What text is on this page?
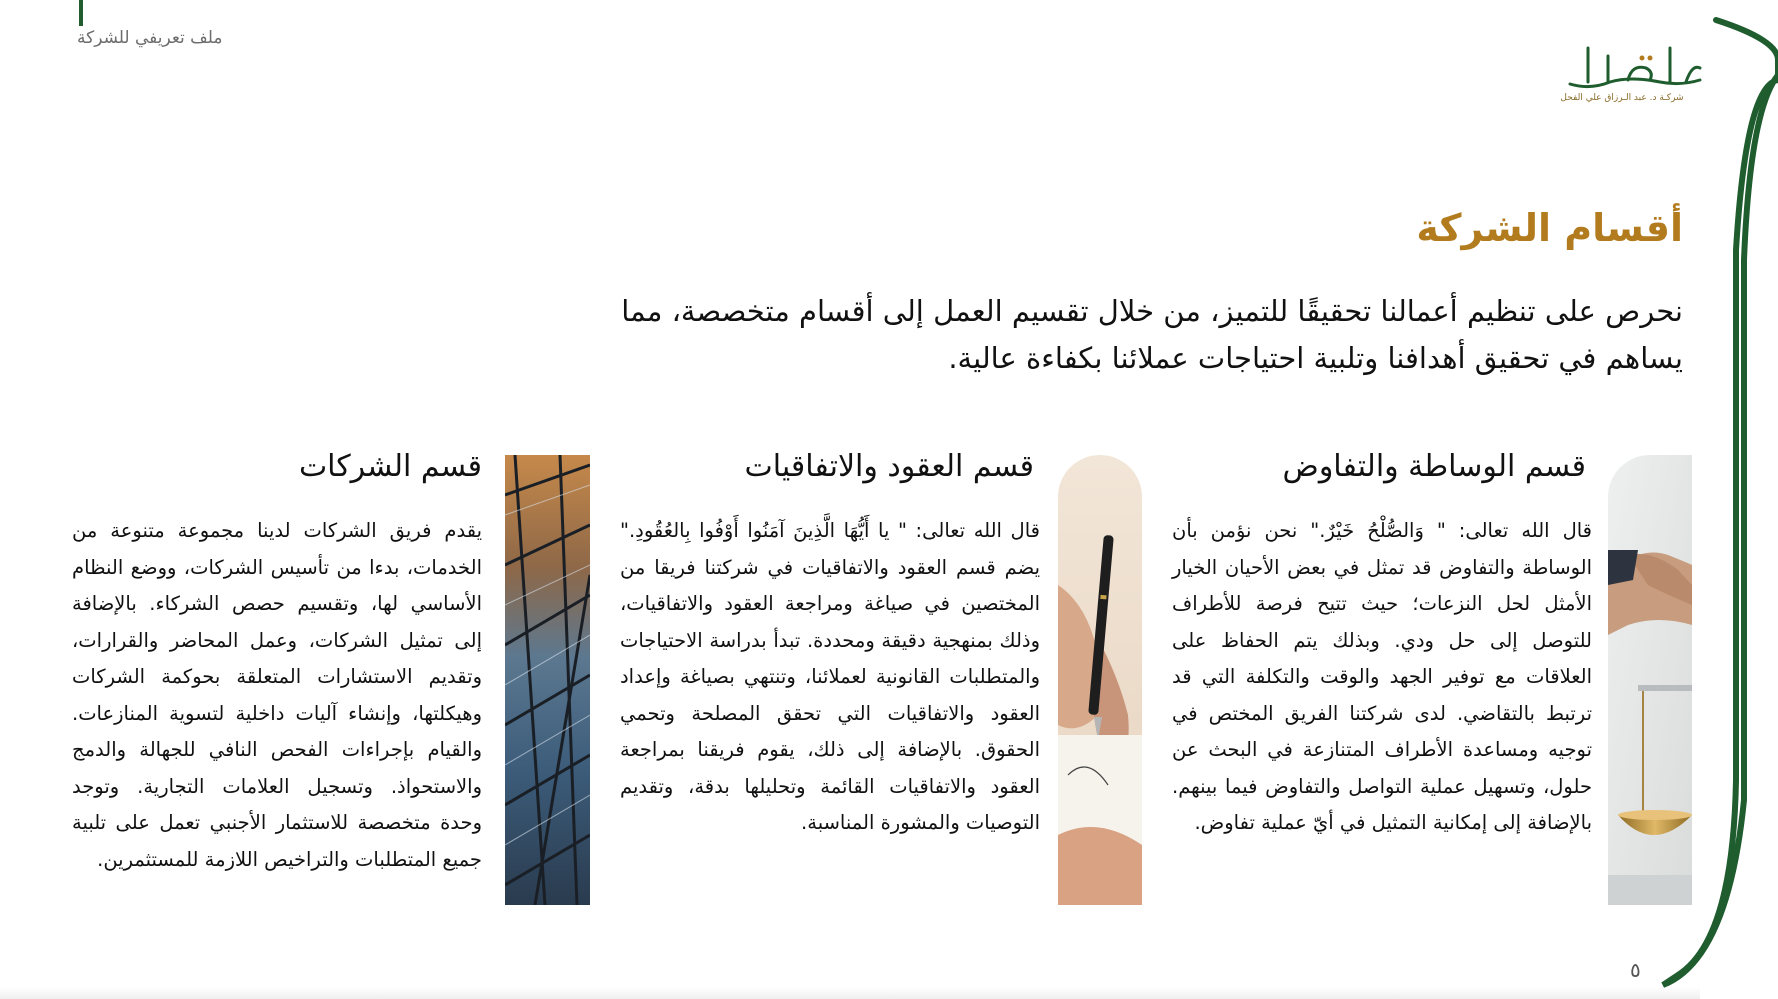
ملف تعريفي للشركة
شركـة د. عبد الـرزاق علي الفحل
أقسام الشركة

نحرص على تنظيم أعمالنا تحقيقًا للتميز، من خلال تقسيم العمل إلى أقسام متخصصة، مما يساهم في تحقيق أهدافنا وتلبية احتياجات عملائنا بكفاءة عالية.

قسم الوساطة والتفاوض

قال الله تعالى: " وَالصُّلْحُ خَيْرٌ." نحن نؤمن بأن الوساطة والتفاوض قد تمثل في بعض الأحيان الخيار الأمثل لحل النزعات؛ حيث تتيح فرصة للأطراف للتوصل إلى حل ودي. وبذلك يتم الحفاظ على العلاقات مع توفير الجهد والوقت والتكلفة التي قد ترتبط بالتقاضي. لدى شركتنا الفريق المختص في توجيه ومساعدة الأطراف المتنازعة في البحث عن حلول، وتسهيل عملية التواصل والتفاوض فيما بينهم. بالإضافة إلى إمكانية التمثيل في أيّ عملية تفاوض.

قسم العقود والاتفاقيات

قال الله تعالى: " يا أَيُّهَا الَّذِينَ آمَنُوا أَوْفُوا بِالعُقُودِ." يضم قسم العقود والاتفاقيات في شركتنا فريقا من المختصين في صياغة ومراجعة العقود والاتفاقيات، وذلك بمنهجية دقيقة ومحددة. تبدأ بدراسة الاحتياجات والمتطلبات القانونية لعملائنا، وتنتهي بصياغة وإعداد العقود والاتفاقيات التي تحقق المصلحة وتحمي الحقوق. بالإضافة إلى ذلك، يقوم فريقنا بمراجعة العقود والاتفاقيات القائمة وتحليلها بدقة، وتقديم التوصيات والمشورة المناسبة.

قسم الشركات

يقدم فريق الشركات لدينا مجموعة متنوعة من الخدمات، بدءا من تأسيس الشركات، ووضع النظام الأساسي لها، وتقسيم حصص الشركاء. بالإضافة إلى تمثيل الشركات، وعمل المحاضر والقرارات، وتقديم الاستشارات المتعلقة بحوكمة الشركات وهيكلتها، وإنشاء آليات داخلية لتسوية المنازعات. والقيام بإجراءات الفحص النافي للجهالة والدمج والاستحواذ. وتسجيل العلامات التجارية. وتوجد وحدة متخصصة للاستثمار الأجنبي تعمل على تلبية جميع المتطلبات والتراخيص اللازمة للمستثمرين.

٥
